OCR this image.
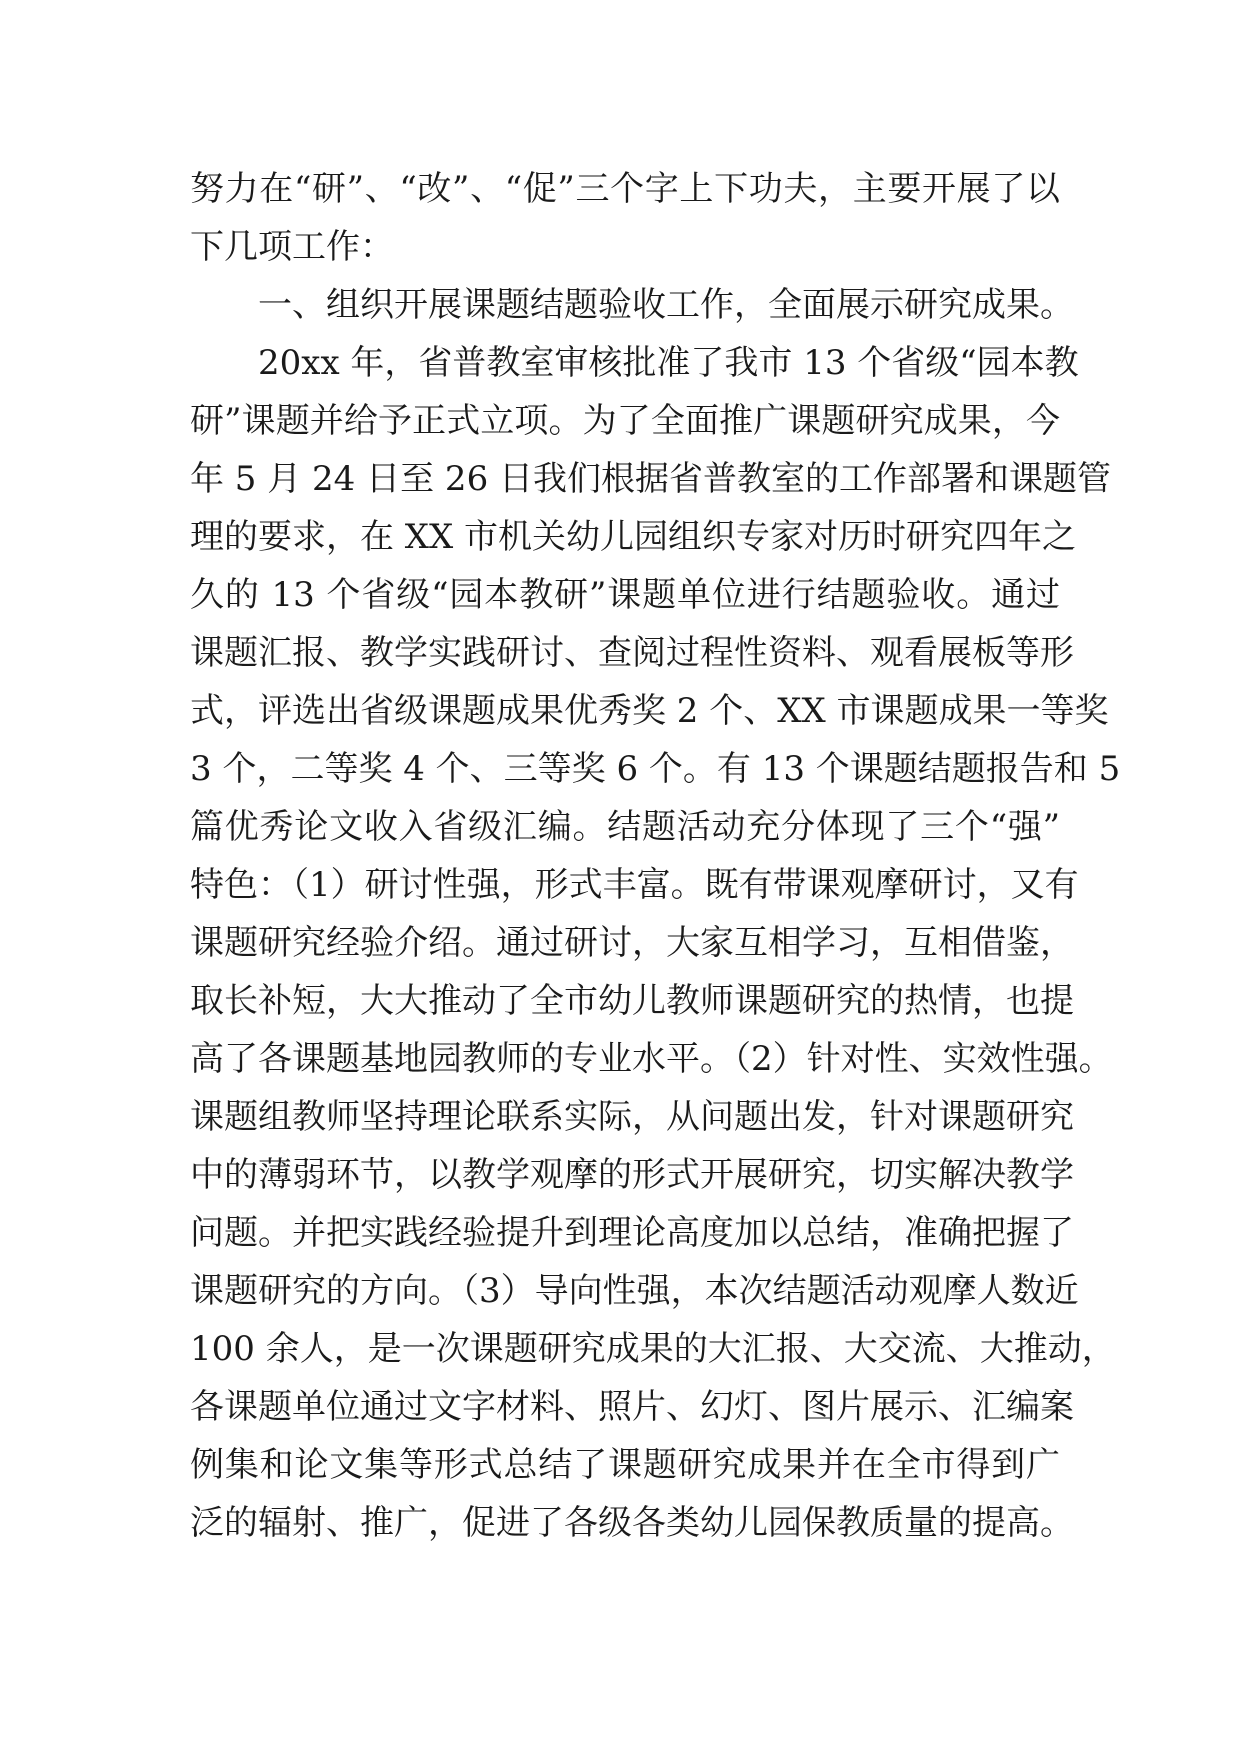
努力在“研”、“改”、“促”三个字上下功夫，主要开展了以
下几项工作：
一、组织开展课题结题验收工作，全面展示研究成果。
20xx 年，省普教室审核批准了我市 13 个省级“园本教
研”课题并给予正式立项。为了全面推广课题研究成果，今
年 5 月 24 日至 26 日我们根据省普教室的工作部署和课题管
理的要求，在 XX 市机关幼儿园组织专家对历时研究四年之
久的 13 个省级“园本教研”课题单位进行结题验收。通过
课题汇报、教学实践研讨、查阅过程性资料、观看展板等形
式，评选出省级课题成果优秀奖 2 个、XX 市课题成果一等奖
3 个，二等奖 4 个、三等奖 6 个。有 13 个课题结题报告和 5
篇优秀论文收入省级汇编。结题活动充分体现了三个“强”
特色：（1）研讨性强，形式丰富。既有带课观摩研讨，又有
课题研究经验介绍。通过研讨，大家互相学习，互相借鉴，
取长补短，大大推动了全市幼儿教师课题研究的热情，也提
高了各课题基地园教师的专业水平。（2）针对性、实效性强。
课题组教师坚持理论联系实际，从问题出发，针对课题研究
中的薄弱环节，以教学观摩的形式开展研究，切实解决教学
问题。并把实践经验提升到理论高度加以总结，准确把握了
课题研究的方向。（3）导向性强，本次结题活动观摩人数近
100 余人，是一次课题研究成果的大汇报、大交流、大推动，
各课题单位通过文字材料、照片、幻灯、图片展示、汇编案
例集和论文集等形式总结了课题研究成果并在全市得到广
泛的辐射、推广，促进了各级各类幼儿园保教质量的提高。
